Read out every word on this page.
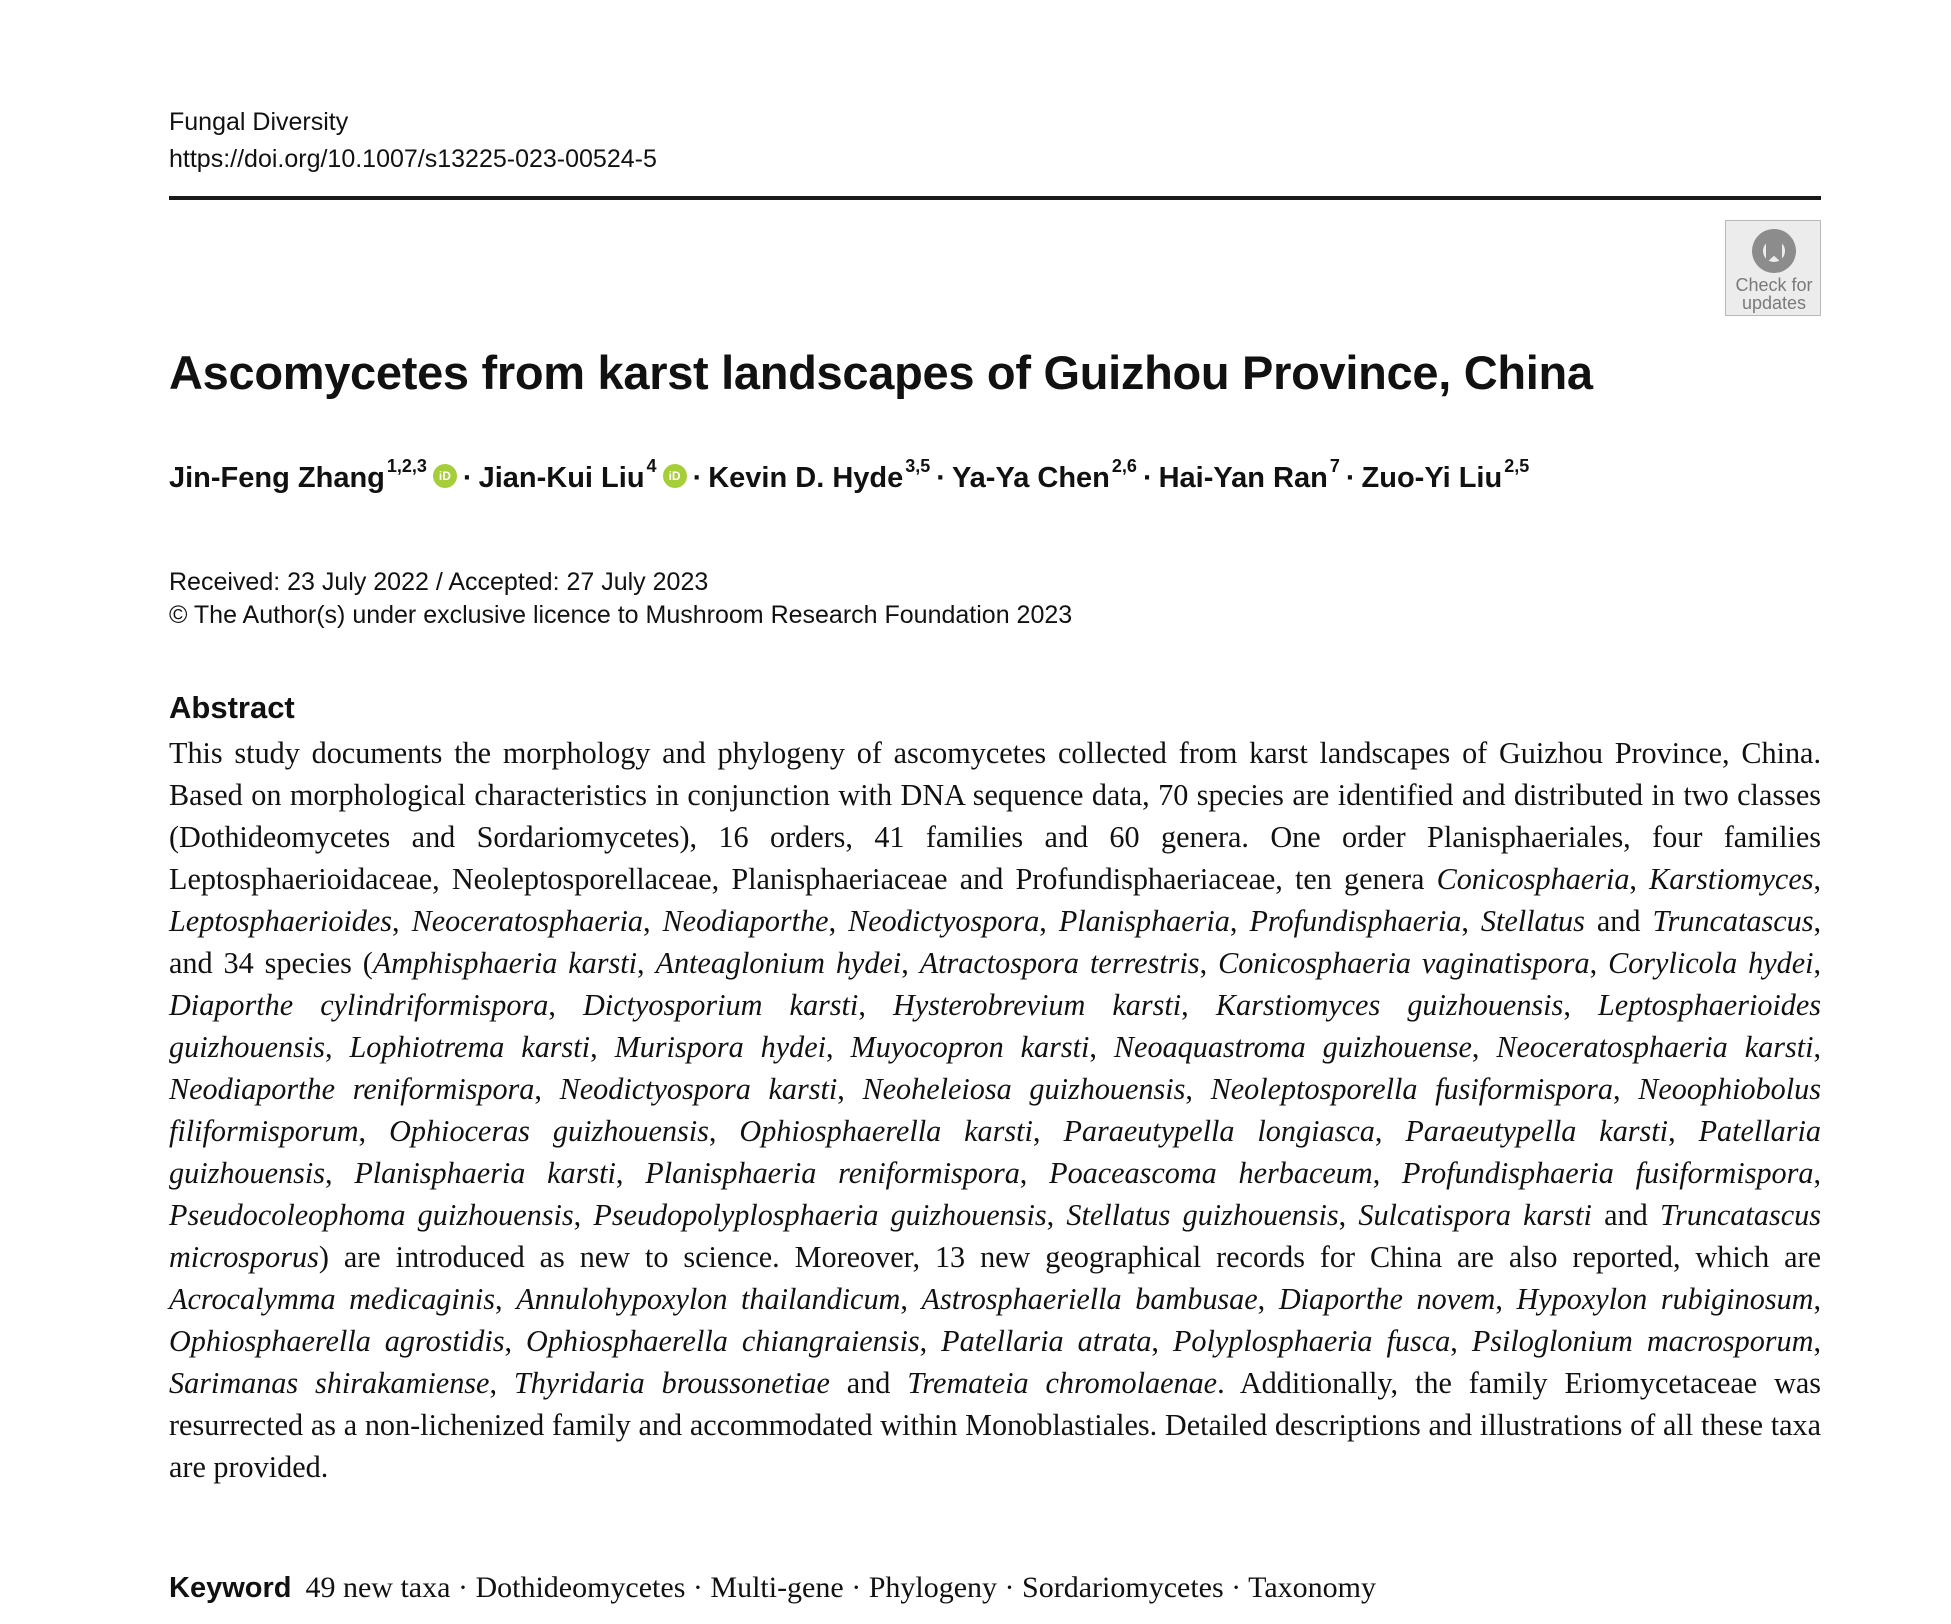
Fungal Diversity
https://doi.org/10.1007/s13225-023-00524-5
Check for
updates
Ascomycetes from karst landscapes of Guizhou Province, China
Jin-Feng Zhang $^{1,2,3}$iD · Jian-Kui Liu $^4$iD · Kevin D. Hyde $^{3,5}$ · Ya-Ya Chen $^{2,6}$ · Hai-Yan Ran $^7$ · Zuo-Yi Liu $^{2,5}$
Received: 23 July 2022 / Accepted: 27 July 2023
© The Author(s) under exclusive licence to Mushroom Research Foundation 2023
Abstract

This study documents the morphology and phylogeny of ascomycetes collected from karst landscapes of Guizhou Province, China. Based on morphological characteristics in conjunction with DNA sequence data, 70 species are identified and distributed in two classes (Dothideomycetes and Sordariomycetes), 16 orders, 41 families and 60 genera. One order Planisphaeriales, four families Leptosphaerioidaceae, Neoleptosporellaceae, Planisphaeriaceae and Profundisphaeriaceae, ten genera Conicosphaeria, Karstiomyces, Leptosphaerioides, Neoceratosphaeria, Neodiaporthe, Neodictyospora, Planisphaeria, Profundisphaeria, Stellatus and Truncatascus, and 34 species (Amphisphaeria karsti, Anteaglonium hydei, Atractospora terrestris, Conicosphaeria vaginatispora, Corylicola hydei, Diaporthe cylindriformispora, Dictyosporium karsti, Hysterobrevium karsti, Karstiomyces guizhouensis, Leptosphaerioides guizhouensis, Lophiotrema karsti, Murispora hydei, Muyocopron karsti, Neoaquastroma guizhouense, Neoceratosphaeria karsti, Neodiaporthe reniformispora, Neodictyospora karsti, Neoheleiosa guizhouensis, Neoleptosporella fusiformispora, Neoophiobolus filiformisporum, Ophioceras guizhouensis, Ophiosphaerella karsti, Paraeutypella longiasca, Paraeutypella karsti, Patellaria guizhouensis, Planisphaeria karsti, Planisphaeria reniformispora, Poaceascoma herbaceum, Profundisphaeria fusiformispora, Pseudocoleophoma guizhouensis, Pseudopolyplosphaeria guizhouensis, Stellatus guizhouensis, Sulcatispora karsti and Truncatascus microsporus) are introduced as new to science. Moreover, 13 new geographical records for China are also reported, which are Acrocalymma medicaginis, Annulohypoxylon thailandicum, Astrosphaeriella bambusae, Diaporthe novem, Hypoxylon rubiginosum, Ophiosphaerella agrostidis, Ophiosphaerella chiangraiensis, Patellaria atrata, Polyplosphaeria fusca, Psiloglonium macrosporum, Sarimanas shirakamiense, Thyridaria broussonetiae and Tremateia chromolaenae. Additionally, the family Eriomycetaceae was resurrected as a non-lichenized family and accommodated within Monoblastiales. Detailed descriptions and illustrations of all these taxa are provided.

Keyword 49 new taxa · Dothideomycetes · Multi-gene · Phylogeny · Sordariomycetes · Taxonomy
